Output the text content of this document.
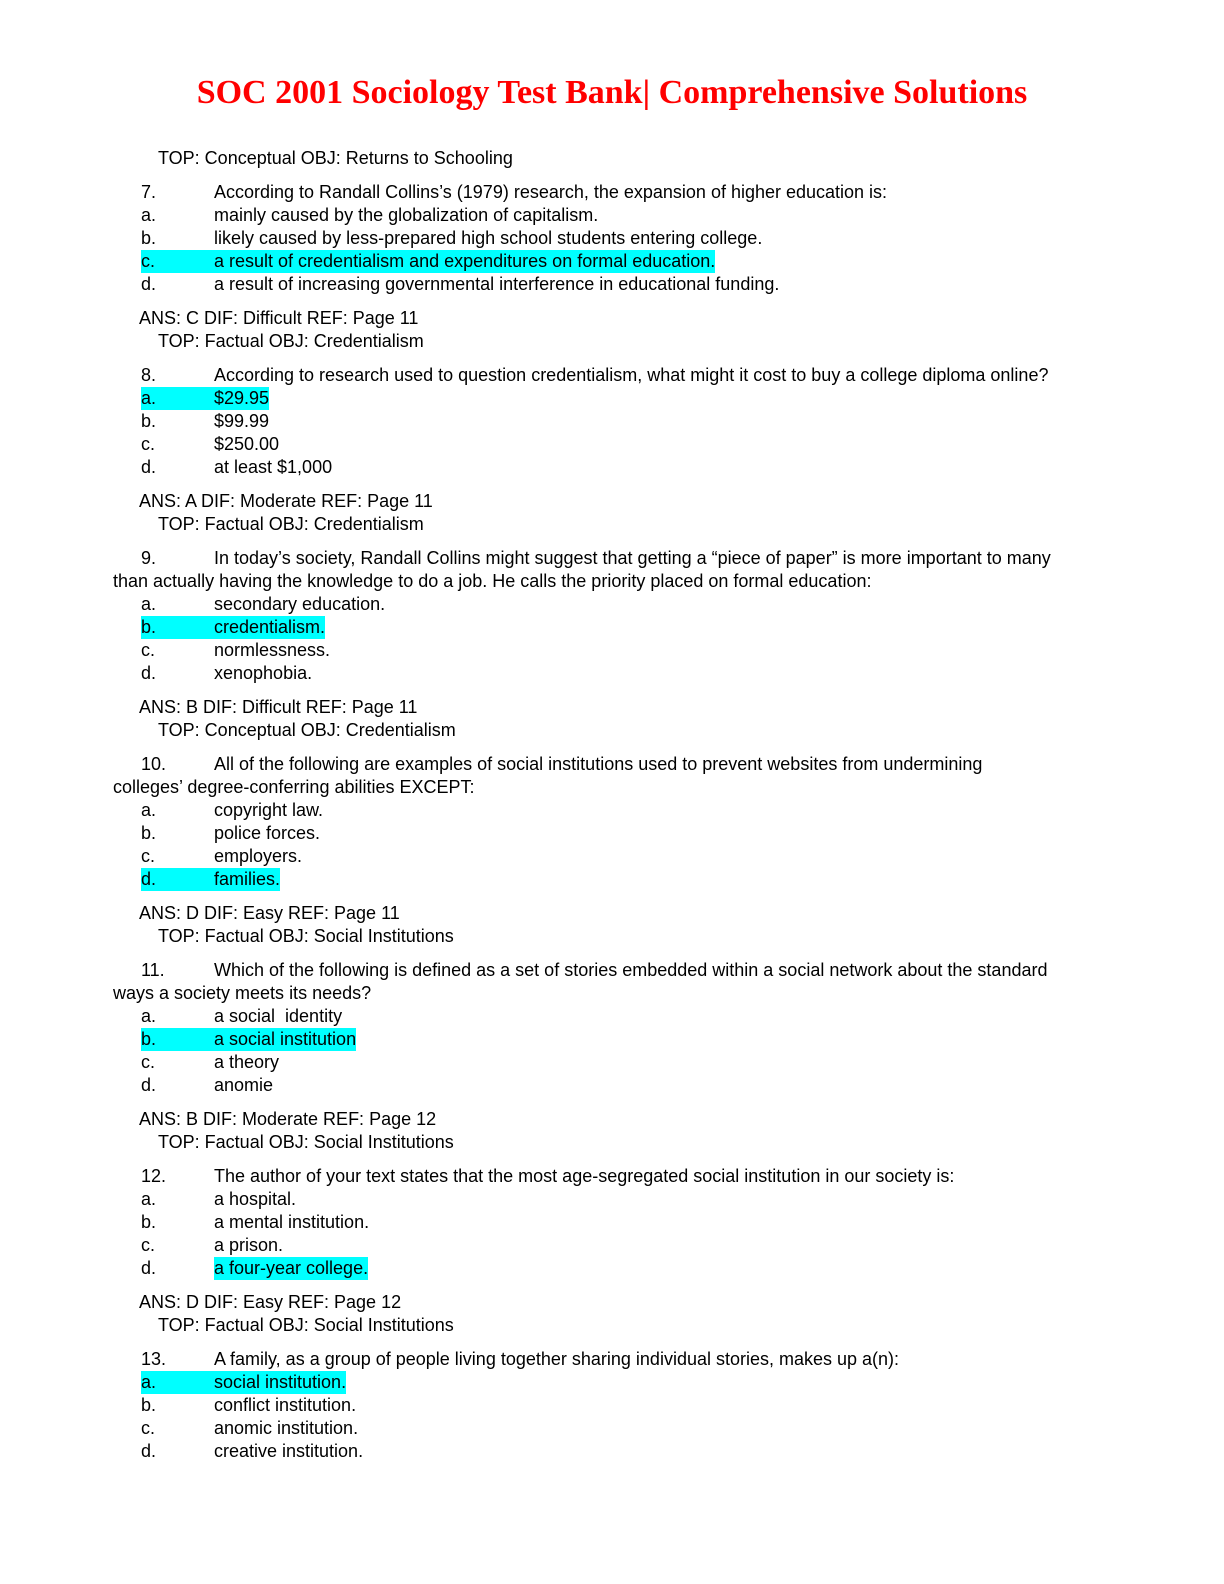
SOC 2001 Sociology Test Bank| Comprehensive Solutions
TOP: Conceptual OBJ: Returns to Schooling
7.	According to Randall Collins’s (1979) research, the expansion of higher education is:
a.	mainly caused by the globalization of capitalism.
b.	likely caused by less-prepared high school students entering college.
c.	a result of credentialism and expenditures on formal education.
d.	a result of increasing governmental interference in educational funding.
ANS: C DIF: Difficult REF: Page 11
TOP: Factual OBJ: Credentialism
8.	According to research used to question credentialism, what might it cost to buy a college diploma online?
a.	$29.95
b.	$99.99
c.	$250.00
d.	at least $1,000
ANS: A DIF: Moderate REF: Page 11
TOP: Factual OBJ: Credentialism
9.	In today’s society, Randall Collins might suggest that getting a “piece of paper” is more important to many
than actually having the knowledge to do a job. He calls the priority placed on formal education:
a.	secondary education.
b.	credentialism.
c.	normlessness.
d.	xenophobia.
ANS: B DIF: Difficult REF: Page 11
TOP: Conceptual OBJ: Credentialism
10.	All of the following are examples of social institutions used to prevent websites from undermining
colleges’ degree-conferring abilities EXCEPT:
a.	copyright law.
b.	police forces.
c.	employers.
d.	families.
ANS: D DIF: Easy REF: Page 11
TOP: Factual OBJ: Social Institutions
11.	Which of the following is defined as a set of stories embedded within a social network about the standard
ways a society meets its needs?
a.	a social  identity
b.	a social institution
c.	a theory
d.	anomie
ANS: B DIF: Moderate REF: Page 12
TOP: Factual OBJ: Social Institutions
12.	The author of your text states that the most age-segregated social institution in our society is:
a.	a hospital.
b.	a mental institution.
c.	a prison.
d.	a four-year college.
ANS: D DIF: Easy REF: Page 12
TOP: Factual OBJ: Social Institutions
13.	A family, as a group of people living together sharing individual stories, makes up a(n):
a.	social institution.
b.	conflict institution.
c.	anomic institution.
d.	creative institution.
